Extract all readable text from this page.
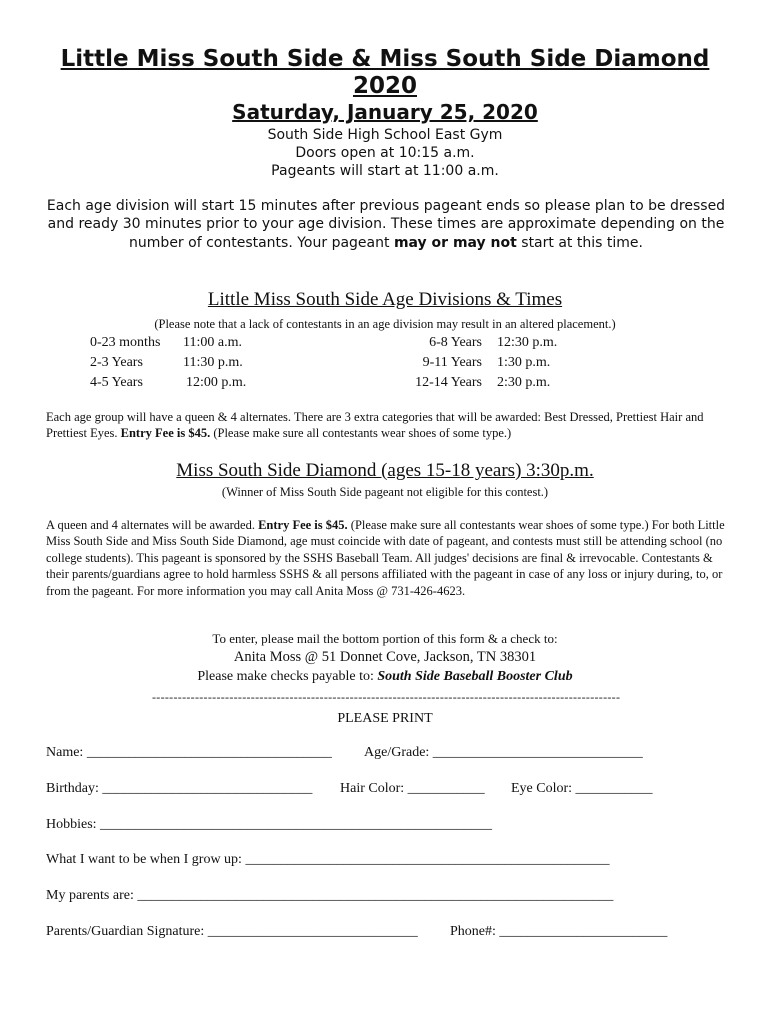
Little Miss South Side & Miss South Side Diamond
2020
Saturday, January 25, 2020
South Side High School East Gym
Doors open at 10:15 a.m.
Pageants will start at 11:00 a.m.
Each age division will start 15 minutes after previous pageant ends so please plan to be dressed and ready 30 minutes prior to your age division. These times are approximate depending on the number of contestants. Your pageant may or may not start at this time.
Little Miss South Side Age Divisions & Times
(Please note that a lack of contestants in an age division may result in an altered placement.)
0-23 months 11:00 a.m.
2-3 Years	11:30 p.m.
4-5 Years	12:00 p.m.
6-8 Years 12:30 p.m.
9-11 Years 1:30 p.m.
12-14 Years 2:30 p.m.
Each age group will have a queen & 4 alternates. There are 3 extra categories that will be awarded: Best Dressed, Prettiest Hair and Prettiest Eyes. Entry Fee is $45. (Please make sure all contestants wear shoes of some type.)
Miss South Side Diamond (ages 15-18 years) 3:30p.m.
(Winner of Miss South Side pageant not eligible for this contest.)
A queen and 4 alternates will be awarded. Entry Fee is $45. (Please make sure all contestants wear shoes of some type.) For both Little Miss South Side and Miss South Side Diamond, age must coincide with date of pageant, and contests must still be attending school (no college students). This pageant is sponsored by the SSHS Baseball Team. All judges' decisions are final & irrevocable. Contestants & their parents/guardians agree to hold harmless SSHS & all persons affiliated with the pageant in case of any loss or injury during, to, or from the pageant. For more information you may call Anita Moss @ 731-426-4623.
To enter, please mail the bottom portion of this form & a check to:
Anita Moss @ 51 Donnet Cove, Jackson, TN 38301
Please make checks payable to: South Side Baseball Booster Club
-------------------------------------------------------------------------------------------------------------
PLEASE PRINT
Name: ___________________________________ Age/Grade: ______________________________
Birthday: ______________________________ Hair Color: ___________ Eye Color: ___________
Hobbies: ________________________________________________________
What I want to be when I grow up: ____________________________________________________
My parents are: ____________________________________________________________________
Parents/Guardian Signature: ______________________________ Phone#: ________________________
